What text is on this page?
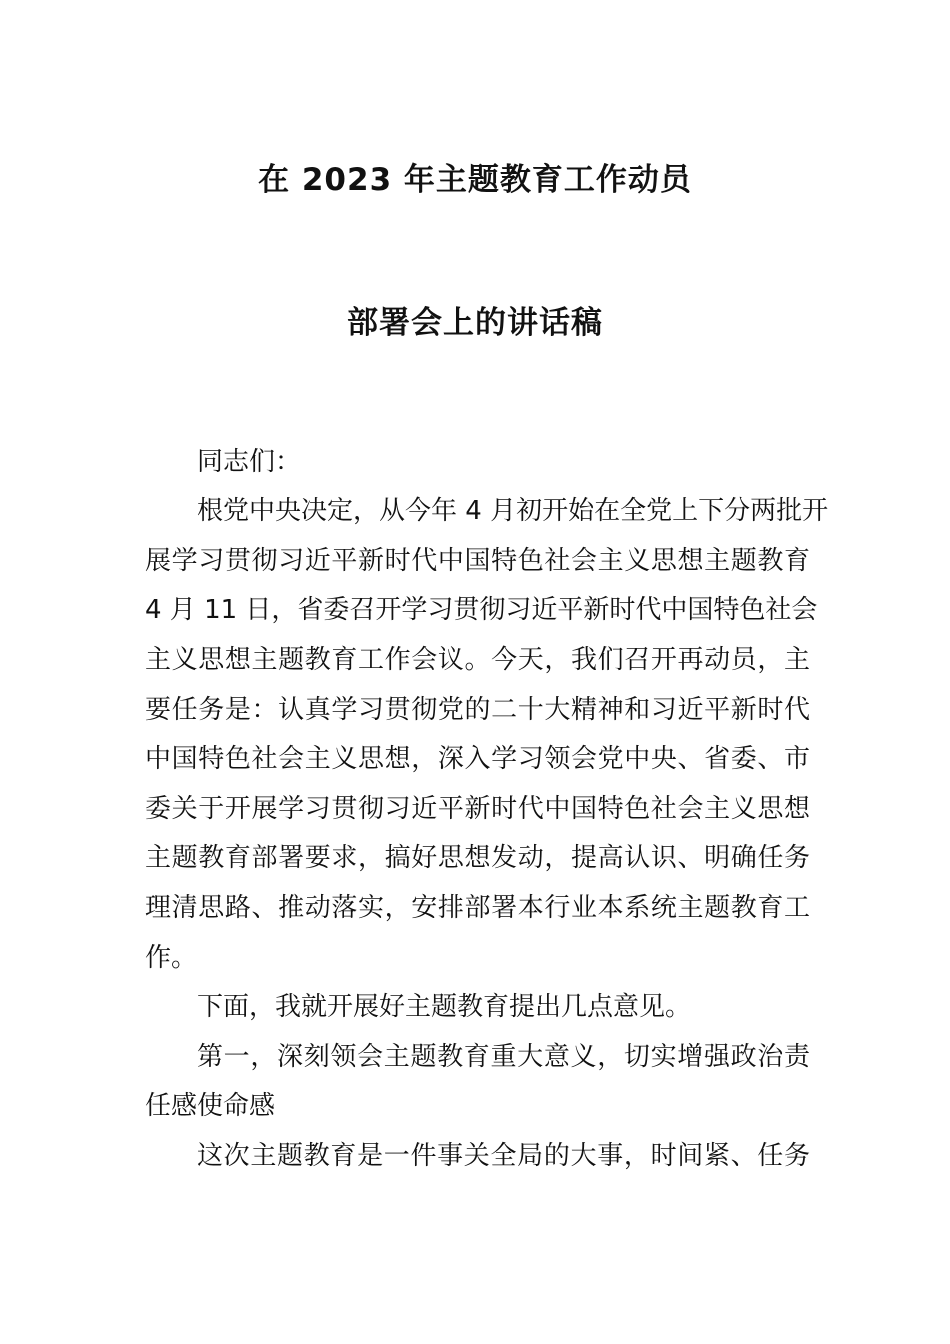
在 2023 年主题教育工作动员
部署会上的讲话稿
同志们：
根党中央决定，从今年 4 月初开始在全党上下分两批开
展学习贯彻习近平新时代中国特色社会主义思想主题教育
4 月 11 日，省委召开学习贯彻习近平新时代中国特色社会
主义思想主题教育工作会议。今天，我们召开再动员，主
要任务是：认真学习贯彻党的二十大精神和习近平新时代
中国特色社会主义思想，深入学习领会党中央、省委、市
委关于开展学习贯彻习近平新时代中国特色社会主义思想
主题教育部署要求，搞好思想发动，提高认识、明确任务
理清思路、推动落实，安排部署本行业本系统主题教育工
作。
下面，我就开展好主题教育提出几点意见。
第一，深刻领会主题教育重大意义，切实增强政治责
任感使命感
这次主题教育是一件事关全局的大事，时间紧、任务
